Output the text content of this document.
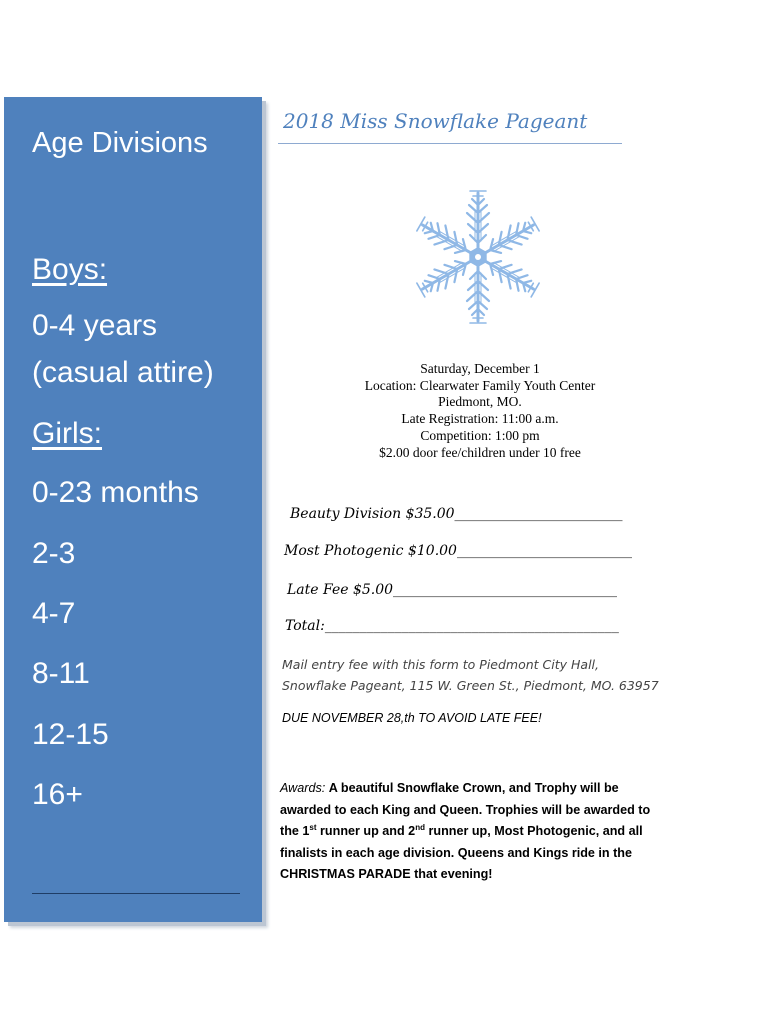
Age Divisions
Boys:
0-4 years
(casual attire)
Girls:
0-23 months
2-3
4-7
8-11
12-15
16+
2018 Miss Snowflake Pageant
Saturday, December 1
Location: Clearwater Family Youth Center
Piedmont, MO.
Late Registration: 11:00 a.m.
Competition: 1:00 pm
$2.00 door fee/children under 10 free
Beauty Division $35.00________________________
Most Photogenic $10.00_________________________
Late Fee $5.00________________________________
Total:__________________________________________
Mail entry fee with this form to Piedmont City Hall,
Snowflake Pageant, 115 W. Green St., Piedmont, MO. 63957
DUE NOVEMBER 28,th TO AVOID LATE FEE!
Awards: A beautiful Snowflake Crown, and Trophy will be
awarded to each King and Queen. Trophies will be awarded to
the 1st runner up and 2nd runner up, Most Photogenic, and all
finalists in each age division. Queens and Kings ride in the
CHRISTMAS PARADE that evening!
